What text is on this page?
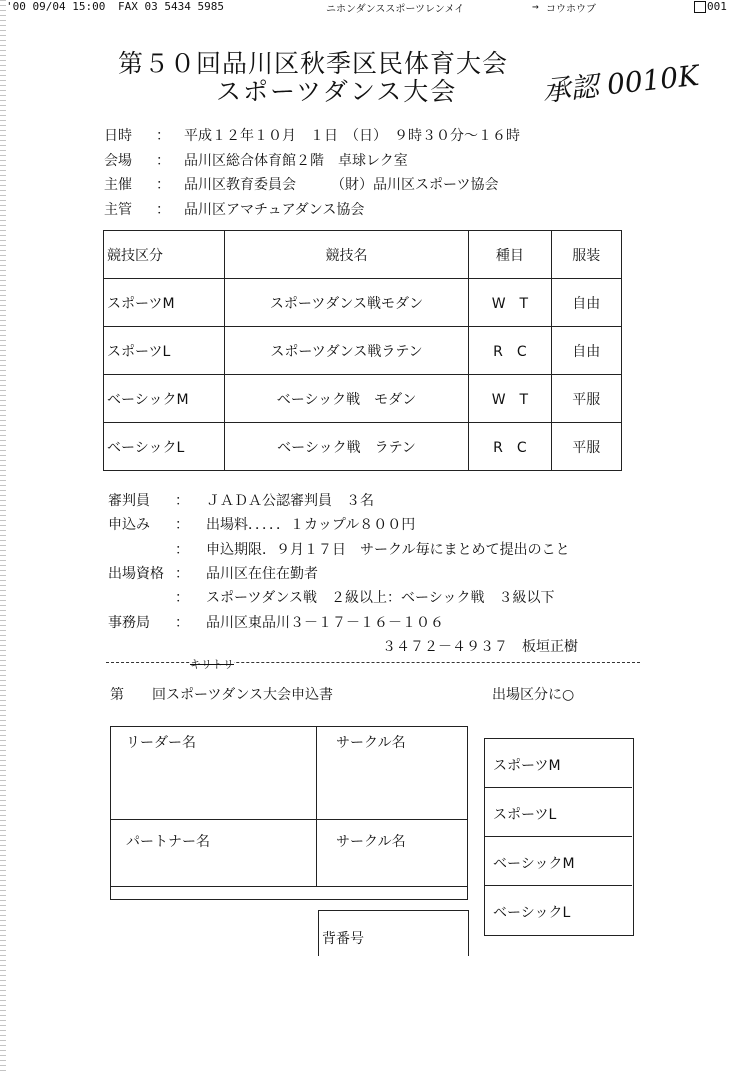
'00 09/04 15:00 FAX 03 5434 5985	ニホンダンススポーツレンメイ	→ コウホウブ	001
第５０回品川区秋季区民体育大会
スポーツダンス大会	承認 0010K
日時 ： 平成１２年１０月　１日　（日）　９時３０分～１６時
会場 ： 品川区総合体育館２階　卓球レク室
主催 ： 品川区教育委員会　　　（財）品川区スポーツ協会
主管 ： 品川区アマチュアダンス協会
競技区分	競技名	種目	服装
スポーツM	スポーツダンス戦モダン	W　T	自由
スポーツL	スポーツダンス戦ラテン	R　C	自由
ベーシックM	ベーシック戦　モダン	W　T	平服
ベーシックL	ベーシック戦　ラテン	R　C	平服
審判員 ： ＪＡＤＡ公認審判員　３名
申込み ： 出場料．．．．．１カップル８００円
： 申込期限．９月１７日　サークル毎にまとめて提出のこと
出場資格 ： 品川区在住在勤者
： スポーツダンス戦　２級以上：ベーシック戦　３級以下
事務局 ： 品川区東品川３－１７－１６－１０６
３４７２－４９３７　板垣正樹
キリトリ
第　　回スポーツダンス大会申込書	出場区分に○
リーダー名	サークル名
パートナー名	サークル名
背番号
スポーツM
スポーツL
ベーシックM
ベーシックL
